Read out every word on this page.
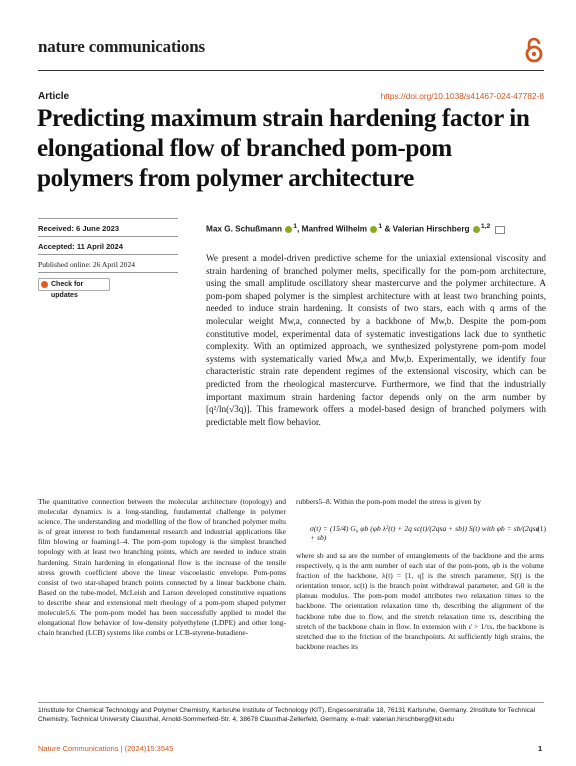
nature communications
Article	https://doi.org/10.1038/s41467-024-47782-8
Predicting maximum strain hardening factor in elongational flow of branched pom-pom polymers from polymer architecture
Received: 6 June 2023
Accepted: 11 April 2024
Published online: 26 April 2024
Check for updates
Max G. Schußmann $^1$, Manfred Wilhelm $^1$ & Valerian Hirschberg $^{1,2}$

We present a model-driven predictive scheme for the uniaxial extensional viscosity and strain hardening of branched polymer melts, specifically for the pom-pom architecture, using the small amplitude oscillatory shear mastercurve and the polymer architecture. A pom-pom shaped polymer is the simplest architecture with at least two branching points, needed to induce strain hardening. It consists of two stars, each with q arms of the molecular weight Mw,a, connected by a backbone of Mw,b. Despite the pom-pom constitutive model, experimental data of systematic investigations lack due to synthetic complexity. With an optimized approach, we synthesized polystyrene pom-pom model systems with systematically varied Mw,a and Mw,b. Experimentally, we identify four characteristic strain rate dependent regimes of the extensional viscosity, which can be predicted from the rheological mastercurve. Furthermore, we find that the industrially important maximum strain hardening factor depends only on the arm number by [q²/ln(√3q)]. This framework offers a model-based design of branched polymers with predictable melt flow behavior.

The quantitative connection between the molecular architecture (topology) and molecular dynamics is a long-standing, fundamental challenge in polymer science. The understanding and modelling of the flow of branched polymer melts is of great interest to both fundamental research and industrial applications like film blowing or foaming1–4. The pom-pom topology is the simplest branched topology with at least two branching points, which are needed to induce strain hardening. Strain hardening in elongational flow is the increase of the tensile stress growth coefficient above the linear viscoelastic envelope. Pom-poms consist of two star-shaped branch points connected by a linear backbone chain. Based on the tube-model, McLeish and Larson developed constitutive equations to describe shear and extensional melt rheology of a pom-pom shaped polymer molecule5,6. The pom-pom model has been successfully applied to model the elongational flow behavior of low-density polyethylene (LDPE) and other long-chain branched (LCB) systems like combs or LCB-styrene-butadiene-

rubbers5–8. Within the pom-pom model the stress is given by

σ(t) = (15/4) G₀ φb (φb λ²(t) + 2q sc(t)/(2qsa + sb)) S(t) with φb = sb/(2qsa + sb)
(1)

where sb and sa are the number of entanglements of the backbone and the arms respectively, q is the arm number of each star of the pom-pom, φb is the volume fraction of the backbone, λ(t) = [1, q] is the stretch parameter, S(t) is the orientation tensor, sc(t) is the branch point withdrawal parameter, and G0 is the plateau modulus. The pom-pom model attributes two relaxation times to the backbone. The orientation relaxation time τb, describing the alignment of the backbone tube due to flow, and the stretch relaxation time τs, describing the stretch of the backbone chain in flow. In extension with ε̇ > 1/τs, the backbone is stretched due to the friction of the branchpoints. At sufficiently high strains, the backbone reaches its

1Institute for Chemical Technology and Polymer Chemistry, Karlsruhe Institute of Technology (KIT), Engesserstraße 18, 76131 Karlsruhe, Germany. 2Institute for Technical Chemistry, Technical University Clausthal, Arnold-Sommerfeld-Str. 4, 38678 Clausthal-Zellerfeld, Germany. e-mail: valerian.hirschberg@kit.edu

Nature Communications | (2024)15:3545	1
